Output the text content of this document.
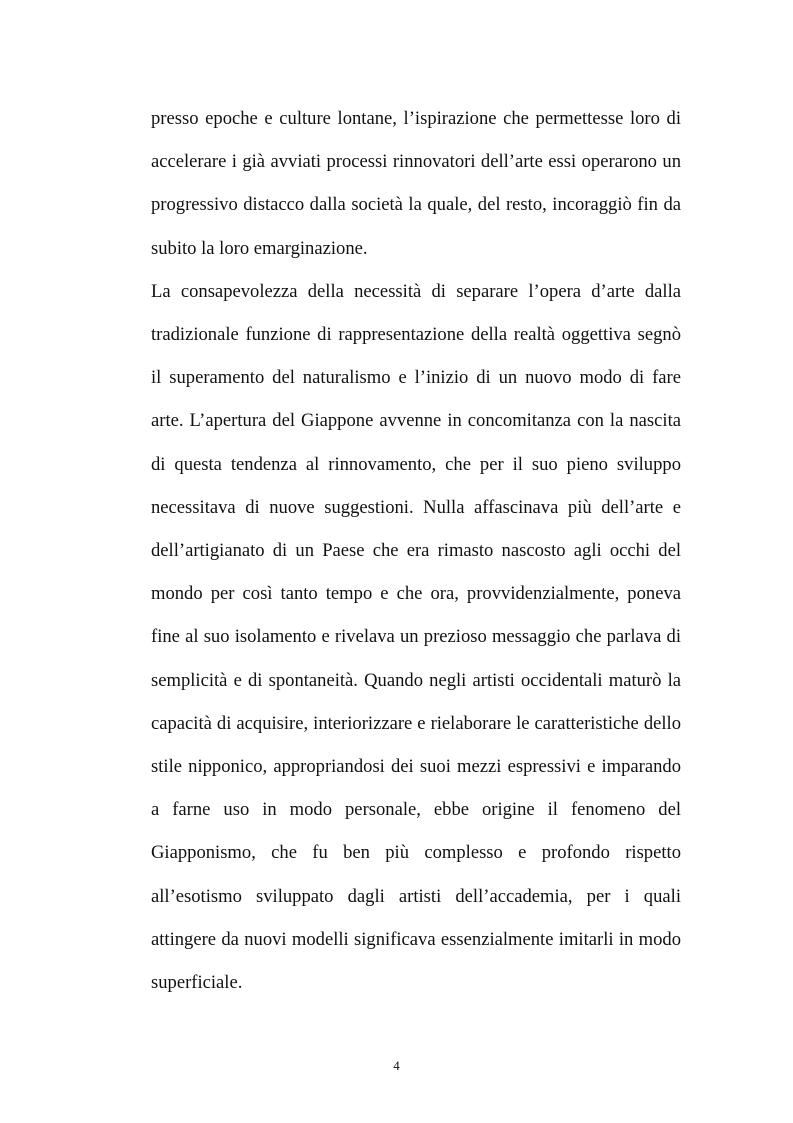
presso epoche e culture lontane, l’ispirazione che permettesse loro di
accelerare i già avviati processi rinnovatori dell’arte essi operarono un
progressivo distacco dalla società la quale, del resto, incoraggiò fin da
subito la loro emarginazione.

La consapevolezza della necessità di separare l’opera d’arte dalla
tradizionale funzione di rappresentazione della realtà oggettiva segnò
il superamento del naturalismo e l’inizio di un nuovo modo di fare
arte. L’apertura del Giappone avvenne in concomitanza con la nascita
di questa tendenza al rinnovamento, che per il suo pieno sviluppo
necessitava di nuove suggestioni. Nulla affascinava più dell’arte e
dell’artigianato di un Paese che era rimasto nascosto agli occhi del
mondo per così tanto tempo e che ora, provvidenzialmente, poneva
fine al suo isolamento e rivelava un prezioso messaggio che parlava di
semplicità e di spontaneità. Quando negli artisti occidentali maturò la
capacità di acquisire, interiorizzare e rielaborare le caratteristiche dello
stile nipponico, appropriandosi dei suoi mezzi espressivi e imparando
a farne uso in modo personale, ebbe origine il fenomeno del
Giapponismo, che fu ben più complesso e profondo rispetto
all’esotismo sviluppato dagli artisti dell’accademia, per i quali
attingere da nuovi modelli significava essenzialmente imitarli in modo
superficiale.

4
